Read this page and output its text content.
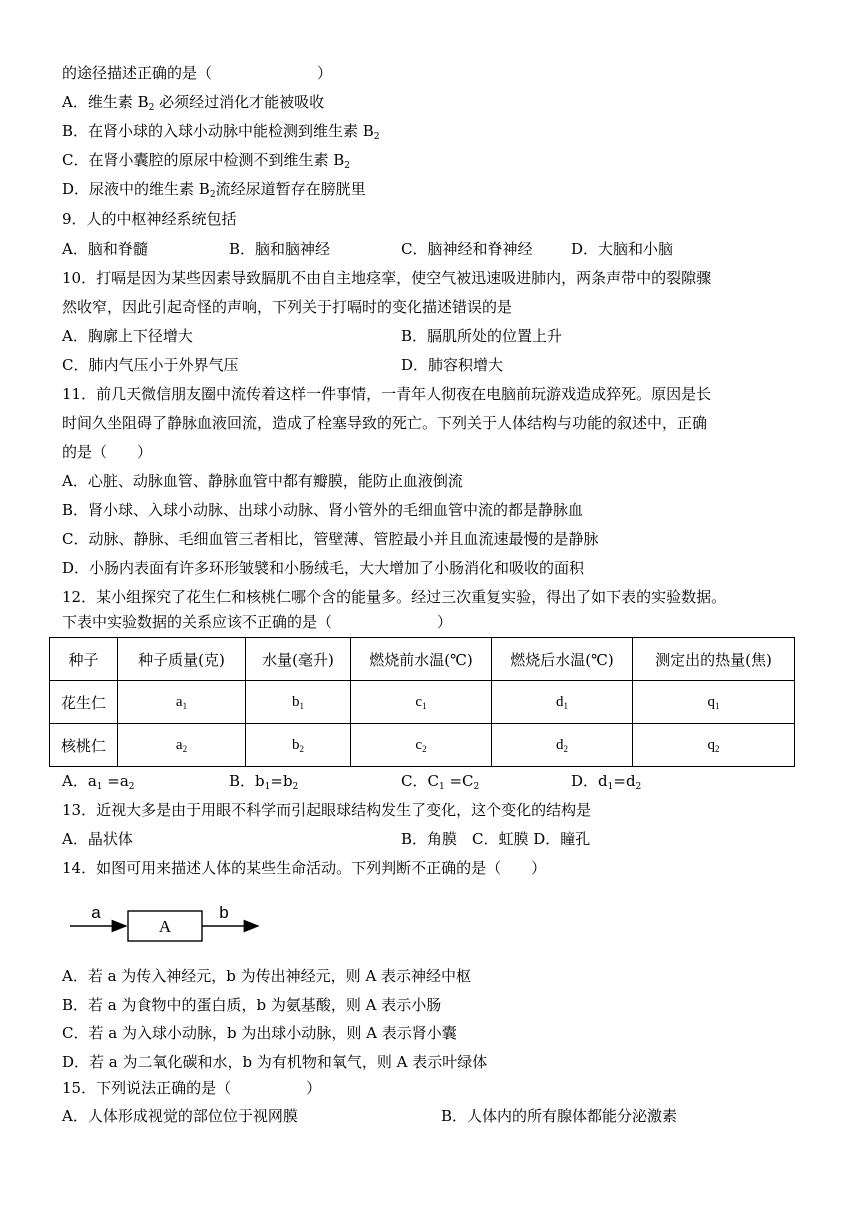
的途径描述正确的是（　　　　　　　）
A．维生素 $B_2$ 必须经过消化才能被吸收
B．在肾小球的入球小动脉中能检测到维生素 $B_2$
C．在肾小囊腔的原尿中检测不到维生素 $B_2$
D．尿液中的维生素 $B_2$流经尿道暂存在膀胱里
9．人的中枢神经系统包括
A．脑和脊髓	B．脑和脑神经	C．脑神经和脊神经	D．大脑和小脑
10．打嗝是因为某些因素导致膈肌不由自主地痉挛，使空气被迅速吸进肺内，两条声带中的裂隙骤
然收窄，因此引起奇怪的声响，下列关于打嗝时的变化描述错误的是
A．胸廓上下径增大	B．膈肌所处的位置上升
C．肺内气压小于外界气压	D．肺容积增大
11．前几天微信朋友圈中流传着这样一件事情，一青年人彻夜在电脑前玩游戏造成猝死。原因是长
时间久坐阻碍了静脉血液回流，造成了栓塞导致的死亡。下列关于人体结构与功能的叙述中，正确
的是（　　）
A．心脏、动脉血管、静脉血管中都有瓣膜，能防止血液倒流
B．肾小球、入球小动脉、出球小动脉、肾小管外的毛细血管中流的都是静脉血
C．动脉、静脉、毛细血管三者相比，管壁薄、管腔最小并且血流速最慢的是静脉
D．小肠内表面有许多环形皱襞和小肠绒毛，大大增加了小肠消化和吸收的面积
12．某小组探究了花生仁和核桃仁哪个含的能量多。经过三次重复实验，得出了如下表的实验数据。
下表中实验数据的关系应该不正确的是（　　　　　　　）
种子	种子质量(克)	水量(毫升)	燃烧前水温(℃)	燃烧后水温(℃)	测定出的热量(焦)
花生仁	$a_1$	$b_1$	$c_1$	$d_1$	$q_1$
核桃仁	$a_2$	$b_2$	$c_2$	$d_2$	$q_2$
A．$a_1 =a_2$	B．$b_1=b_2$	C．$C_1 =C_2$	D．$d_1=d_2$
13．近视大多是由于用眼不科学而引起眼球结构发生了变化，这个变化的结构是
A．晶状体	B．角膜　C．虹膜 D．瞳孔
14．如图可用来描述人体的某些生命活动。下列判断不正确的是（　　）
a
A
b
A．若 a 为传入神经元，b 为传出神经元，则 A 表示神经中枢
B．若 a 为食物中的蛋白质，b 为氨基酸，则 A 表示小肠
C．若 a 为入球小动脉，b 为出球小动脉，则 A 表示肾小囊
D．若 a 为二氧化碳和水，b 为有机物和氧气，则 A 表示叶绿体
15．下列说法正确的是（　　　　　）
A．人体形成视觉的部位位于视网膜	B．人体内的所有腺体都能分泌激素
